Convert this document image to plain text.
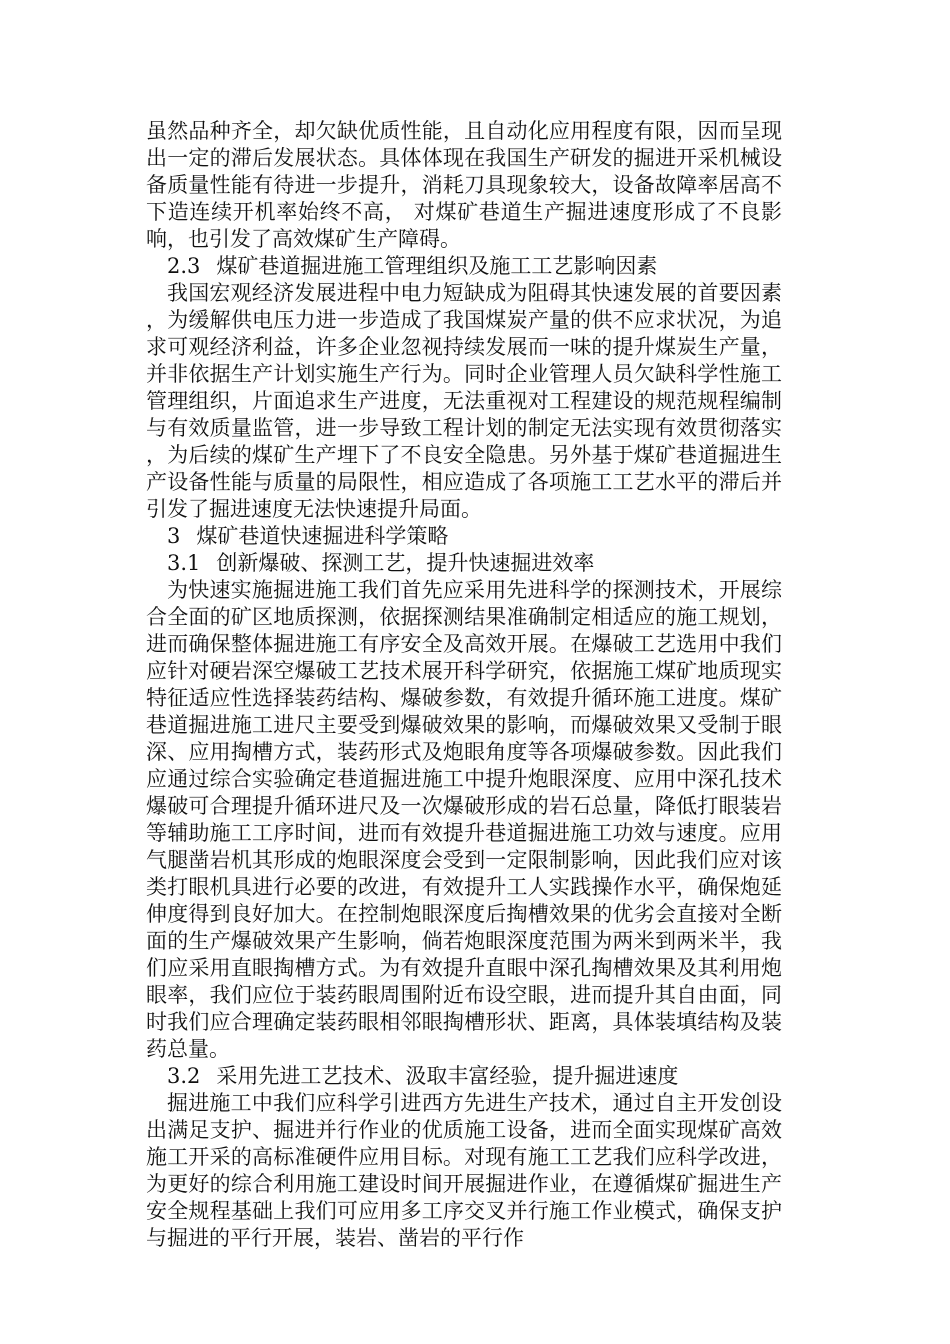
虽然品种齐全，却欠缺优质性能，且自动化应用程度有限，因而呈现出一定的滞后发展状态。具体体现在我国生产研发的掘进开采机械设备质量性能有待进一步提升，消耗刀具现象较大，设备故障率居高不下造连续开机率始终不高， 对煤矿巷道生产掘进速度形成了不良影响，也引发了高效煤矿生产障碍。

2.3 煤矿巷道掘进施工管理组织及施工工艺影响因素

我国宏观经济发展进程中电力短缺成为阻碍其快速发展的首要因素，为缓解供电压力进一步造成了我国煤炭产量的供不应求状况，为追求可观经济利益，许多企业忽视持续发展而一味的提升煤炭生产量，并非依据生产计划实施生产行为。同时企业管理人员欠缺科学性施工管理组织，片面追求生产进度，无法重视对工程建设的规范规程编制与有效质量监管，进一步导致工程计划的制定无法实现有效贯彻落实，为后续的煤矿生产埋下了不良安全隐患。另外基于煤矿巷道掘进生产设备性能与质量的局限性，相应造成了各项施工工艺水平的滞后并引发了掘进速度无法快速提升局面。

3 煤矿巷道快速掘进科学策略

3.1 创新爆破、探测工艺，提升快速掘进效率

为快速实施掘进施工我们首先应采用先进科学的探测技术，开展综合全面的矿区地质探测，依据探测结果准确制定相适应的施工规划，进而确保整体掘进施工有序安全及高效开展。在爆破工艺选用中我们应针对硬岩深空爆破工艺技术展开科学研究，依据施工煤矿地质现实特征适应性选择装药结构、爆破参数，有效提升循环施工进度。煤矿巷道掘进施工进尺主要受到爆破效果的影响，而爆破效果又受制于眼深、应用掏槽方式，装药形式及炮眼角度等各项爆破参数。因此我们应通过综合实验确定巷道掘进施工中提升炮眼深度、应用中深孔技术爆破可合理提升循环进尺及一次爆破形成的岩石总量，降低打眼装岩等辅助施工工序时间，进而有效提升巷道掘进施工功效与速度。应用气腿凿岩机其形成的炮眼深度会受到一定限制影响，因此我们应对该类打眼机具进行必要的改进，有效提升工人实践操作水平，确保炮延伸度得到良好加大。在控制炮眼深度后掏槽效果的优劣会直接对全断面的生产爆破效果产生影响，倘若炮眼深度范围为两米到两米半，我们应采用直眼掏槽方式。为有效提升直眼中深孔掏槽效果及其利用炮眼率，我们应位于装药眼周围附近布设空眼，进而提升其自由面，同时我们应合理确定装药眼相邻眼掏槽形状、距离，具体装填结构及装药总量。

3.2 采用先进工艺技术、汲取丰富经验，提升掘进速度

掘进施工中我们应科学引进西方先进生产技术，通过自主开发创设出满足支护、掘进并行作业的优质施工设备，进而全面实现煤矿高效施工开采的高标准硬件应用目标。对现有施工工艺我们应科学改进，为更好的综合利用施工建设时间开展掘进作业，在遵循煤矿掘进生产安全规程基础上我们可应用多工序交叉并行施工作业模式，确保支护与掘进的平行开展，装岩、凿岩的平行作
